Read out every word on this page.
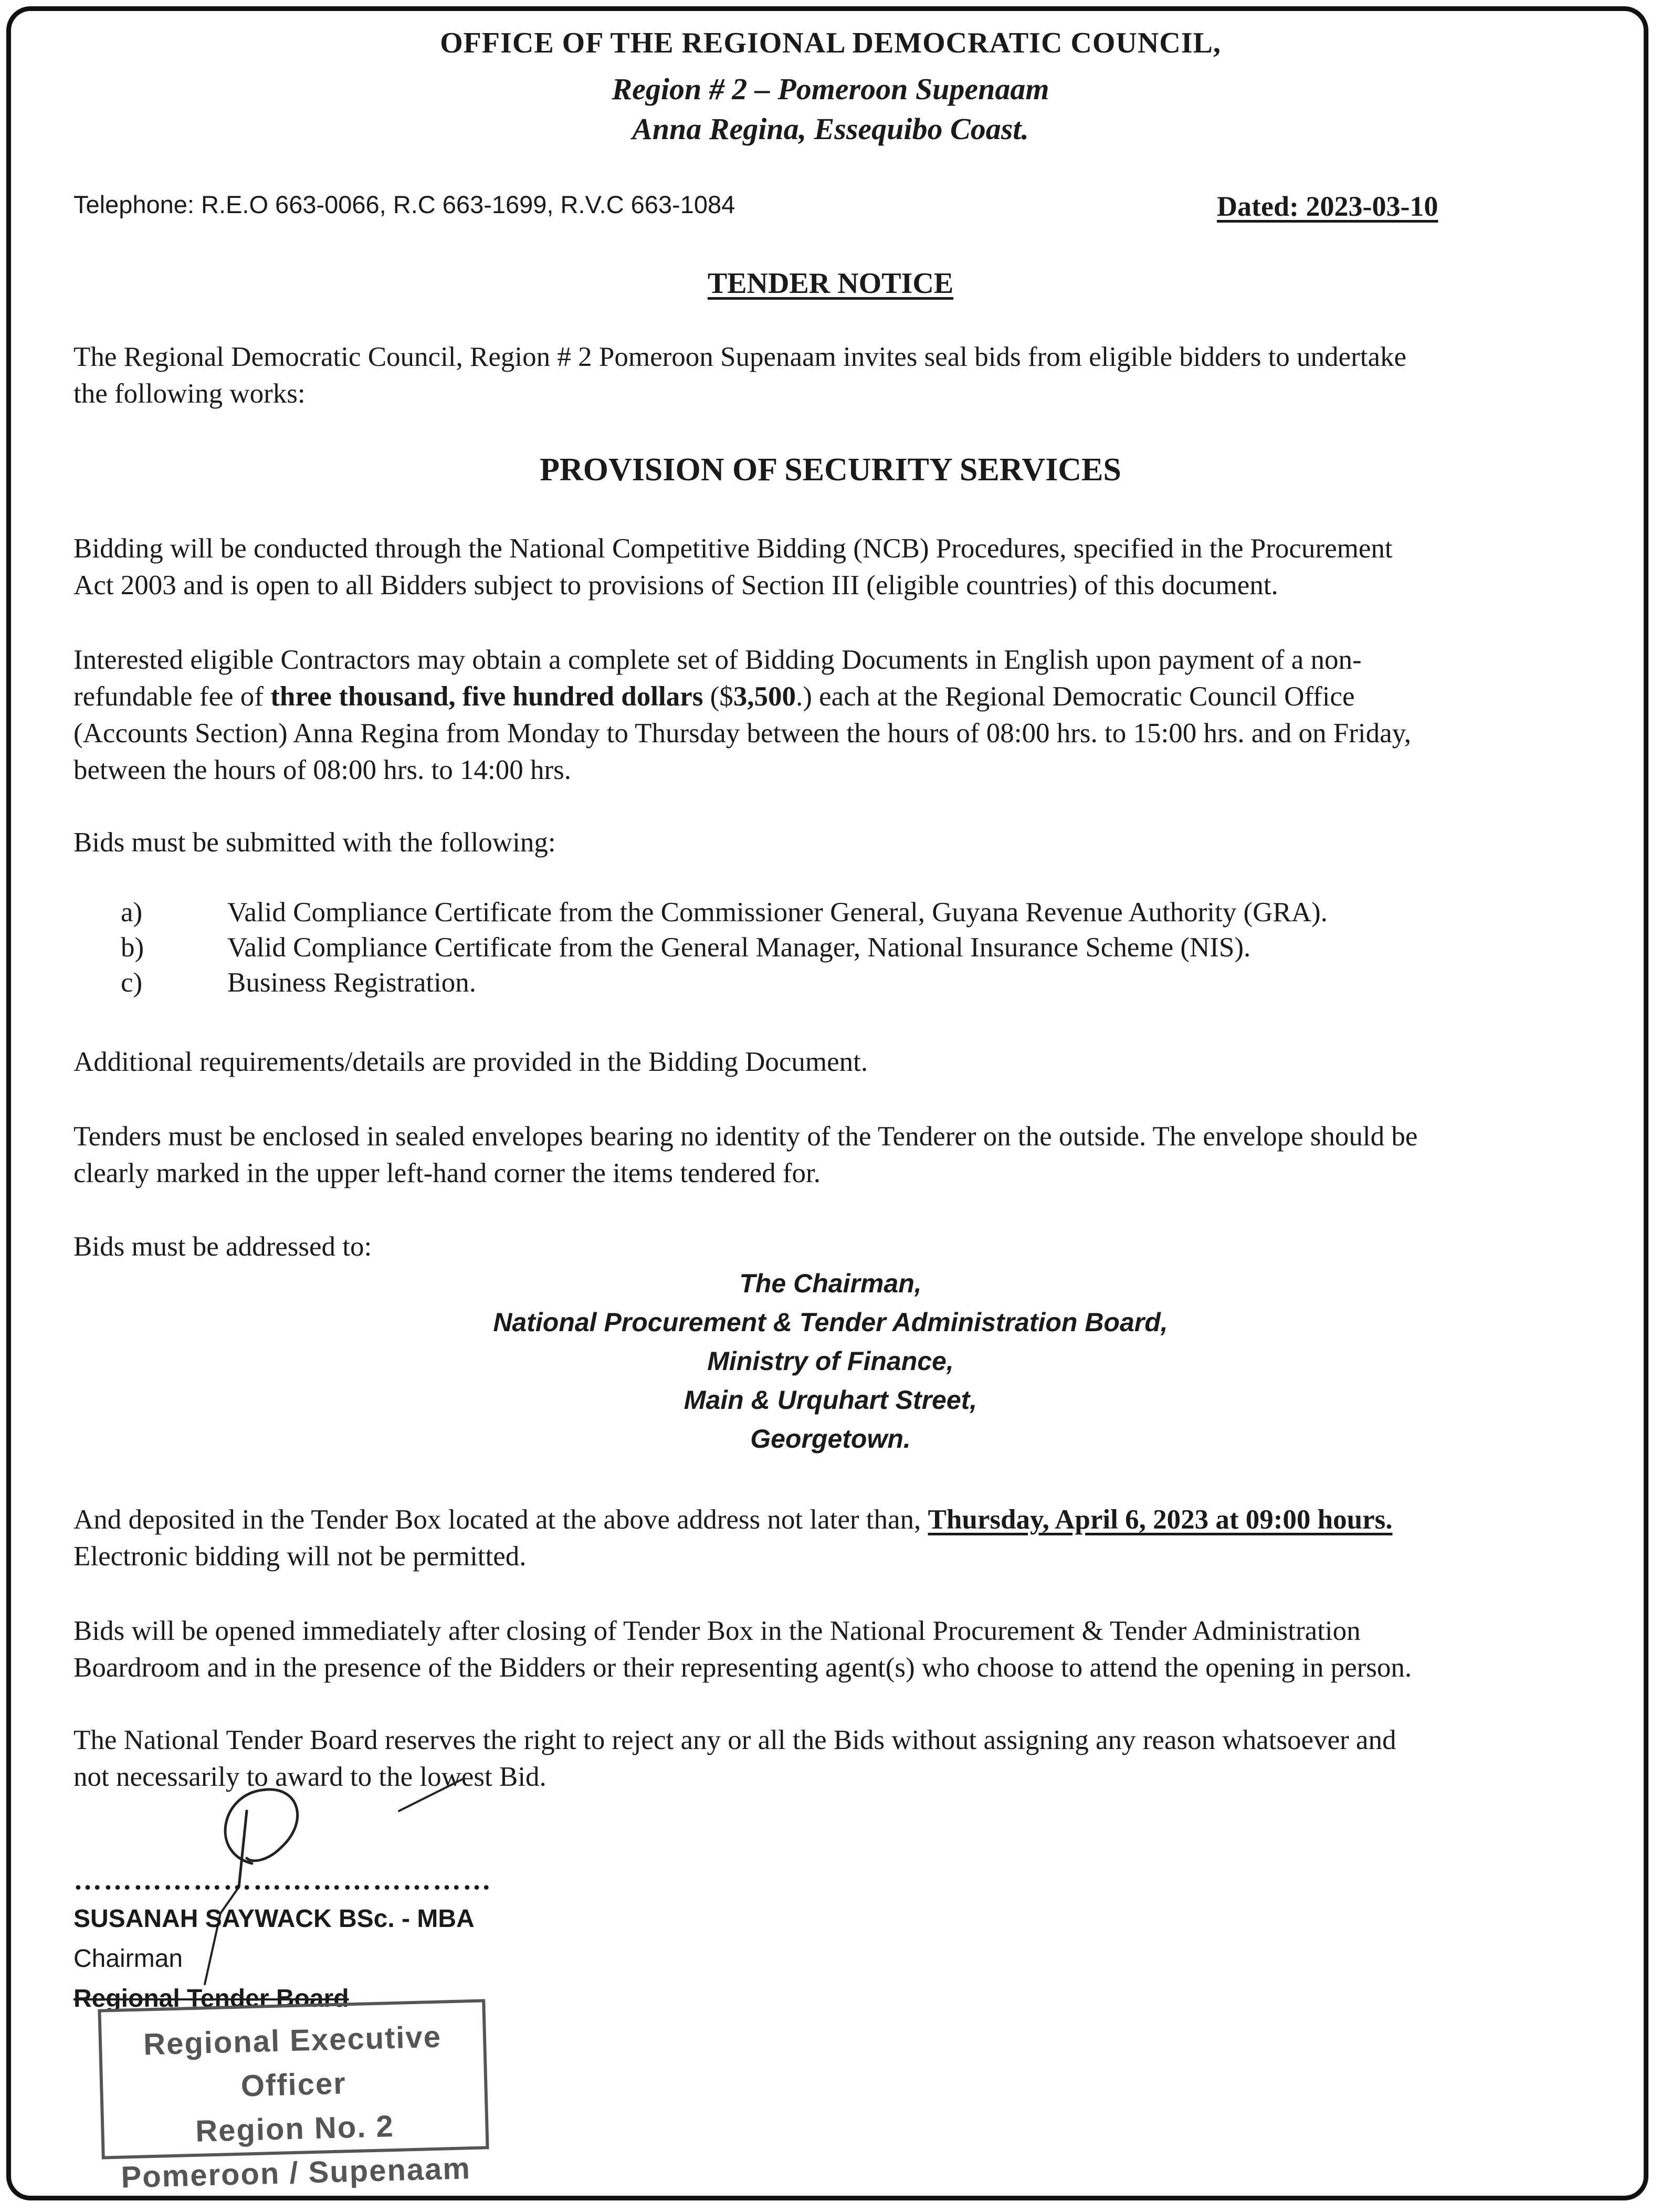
OFFICE OF THE REGIONAL DEMOCRATIC COUNCIL,
Region # 2 – Pomeroon Supenaam
Anna Regina, Essequibo Coast.
Telephone: R.E.O 663-0066, R.C 663-1699, R.V.C 663-1084	Dated: 2023-03-10
TENDER NOTICE
The Regional Democratic Council, Region # 2 Pomeroon Supenaam invites seal bids from eligible bidders to undertake
the following works:
PROVISION OF SECURITY SERVICES
Bidding will be conducted through the National Competitive Bidding (NCB) Procedures, specified in the Procurement
Act 2003 and is open to all Bidders subject to provisions of Section III (eligible countries) of this document.
Interested eligible Contractors may obtain a complete set of Bidding Documents in English upon payment of a non-
refundable fee of three thousand, five hundred dollars ($3,500.) each at the Regional Democratic Council Office
(Accounts Section) Anna Regina from Monday to Thursday between the hours of 08:00 hrs. to 15:00 hrs. and on Friday,
between the hours of 08:00 hrs. to 14:00 hrs.
Bids must be submitted with the following:
a)	Valid Compliance Certificate from the Commissioner General, Guyana Revenue Authority (GRA).
b)	Valid Compliance Certificate from the General Manager, National Insurance Scheme (NIS).
c)	Business Registration.
Additional requirements/details are provided in the Bidding Document.
Tenders must be enclosed in sealed envelopes bearing no identity of the Tenderer on the outside. The envelope should be
clearly marked in the upper left-hand corner the items tendered for.
Bids must be addressed to:
The Chairman,
National Procurement & Tender Administration Board,
Ministry of Finance,
Main & Urquhart Street,
Georgetown.
And deposited in the Tender Box located at the above address not later than, Thursday, April 6, 2023 at 09:00 hours.
Electronic bidding will not be permitted.
Bids will be opened immediately after closing of Tender Box in the National Procurement & Tender Administration
Boardroom and in the presence of the Bidders or their representing agent(s) who choose to attend the opening in person.
The National Tender Board reserves the right to reject any or all the Bids without assigning any reason whatsoever and
not necessarily to award to the lowest Bid.
……………………………………
SUSANAH SAYWACK BSc. - MBA
Chairman
Regional Tender Board
Regional Executive Officer
Region No. 2
Pomeroon / Supenaam
